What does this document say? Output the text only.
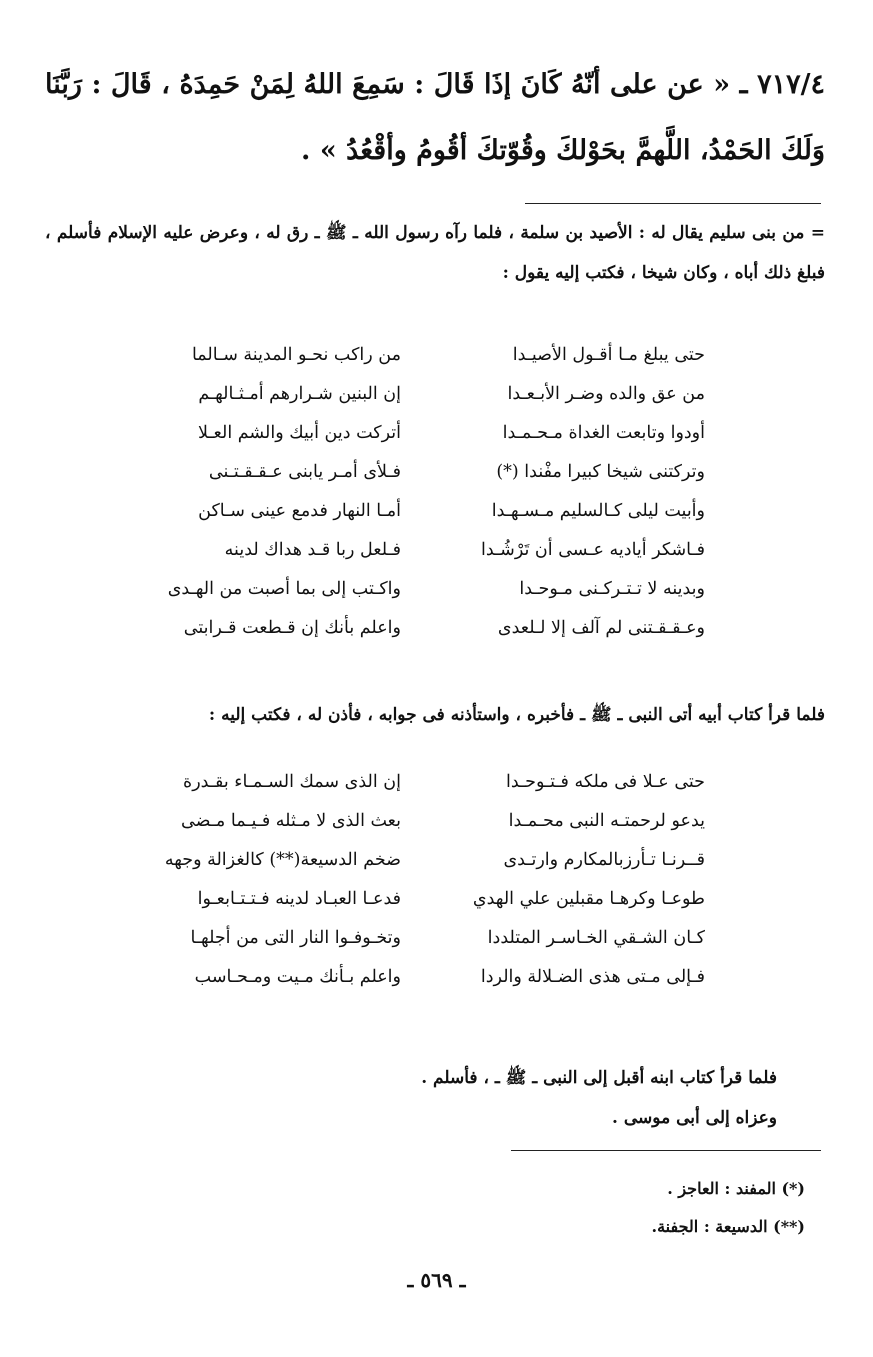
٧١٧/٤ ـ « عن على أنّهُ كَانَ إذَا قَالَ : سَمِعَ اللهُ لِمَنْ حَمِدَهُ ، قَالَ : رَبَّنَا وَلَكَ الحَمْدُ، اللَّهمَّ بحَوْلكَ وقُوّتكَ أقُومُ وأقْعُدُ » .
= من بنى سليم يقال له : الأصيد بن سلمة ، فلما رآه رسول الله ـ ﷺ ـ رق له ، وعرض عليه الإسلام فأسلم ، فبلغ ذلك أباه ، وكان شيخا ، فكتب إليه يقول :
من راكب نحـو المدينة سـالما	حتى يبلغ مـا أقـول الأصيـدا
إن البنين شـرارهم أمـثـالهـم	من عق والده وضـر الأبـعـدا
أتركت دين أبيك والشم العـلا	أودوا وتابعت الغداة مـحـمـدا
فـلأى أمـر يابنى عـقـقـتـنى	وتركتنى شيخا كبيرا مفْندا (*)
أمـا النهار فدمع عينى سـاكن	وأبيت ليلى كـالسليم مـسـهـدا
فـلعل ربا قـد هداك لدينه	فـاشكر أياديه عـسى أن تَرْشُـدا
واكـتب إلى بما أصبت من الهـدى	وبدينه لا تـتـركـنى مـوحـدا
واعلم بأنك إن قـطعت قـرابتى	وعـقـقـتنى لم آلف إلا لـلعدى
فلما قرأ كتاب أبيه أتى النبى ـ ﷺ ـ فأخبره ، واستأذنه فى جوابه ، فأذن له ، فكتب إليه :
إن الذى سمك السـمـاء بقـدرة	حتى عـلا فى ملكه فـتـوحـدا
بعث الذى لا مـثله فـيـما مـضى	يدعو لرحمتـه النبى محـمـدا
ضخم الدسيعة(**) كالغزالة وجهه	قــرنـا تـأرزبالمكارم وارتـدى
فدعـا العبـاد لدينه فـتـتـابعـوا	طوعـا وكرهـا مقبلين علي الهدي
وتخـوفـوا النار التى من أجلهـا	كـان الشـقي الخـاسـر المتلددا
واعلم بـأنك مـيت ومـحـاسب	فـإلى مـتى هذى الضـلالة والردا
فلما قرأ كتاب ابنه أقبل إلى النبى ـ ﷺ ـ ، فأسلم .
وعزاه إلى أبى موسى .
(*) المفند : العاجز .
(**) الدسيعة : الجفنة.
ـ ٥٦٩ ـ
